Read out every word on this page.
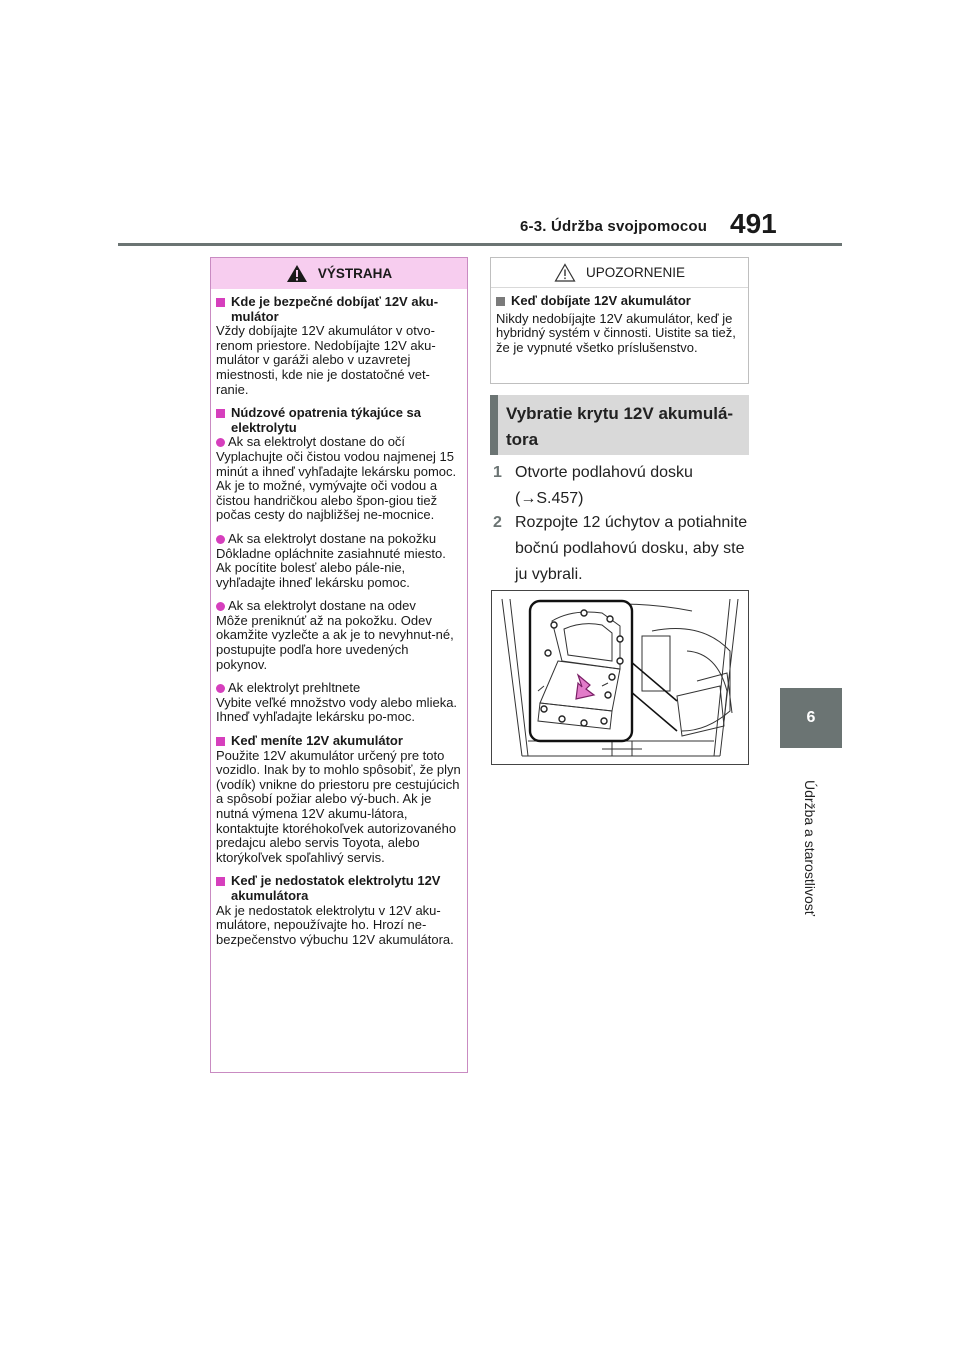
6-3. Údržba svojpomocou 491
6
Údržba a starostlivosť
VÝSTRAHA
Kde je bezpečné dobíjať 12V aku-mulátor

Vždy dobíjajte 12V akumulátor v otvo-renom priestore. Nedobíjajte 12V aku-mulátor v garáži alebo v uzavretej miestnosti, kde nie je dostatočné vet-ranie.

Núdzové opatrenia týkajúce sa elektrolytu
Ak sa elektrolyt dostane do očí

Vyplachujte oči čistou vodou najmenej 15 minút a ihneď vyhľadajte lekársku pomoc. Ak je to možné, vymývajte oči vodou a čistou handričkou alebo špon-giou tiež počas cesty do najbližšej ne-mocnice.

Ak sa elektrolyt dostane na pokožku

Dôkladne opláchnite zasiahnuté miesto. Ak pocítite bolesť alebo pále-nie, vyhľadajte ihneď lekársku pomoc.

Ak sa elektrolyt dostane na odev

Môže preniknúť až na pokožku. Odev okamžite vyzlečte a ak je to nevyhnut-né, postupujte podľa hore uvedených pokynov.

Ak elektrolyt prehltnete

Vybite veľké množstvo vody alebo mlieka. Ihneď vyhľadajte lekársku po-moc.

Keď meníte 12V akumulátor

Použite 12V akumulátor určený pre toto vozidlo. Inak by to mohlo spôsobiť, že plyn (vodík) vnikne do priestoru pre cestujúcich a spôsobí požiar alebo vý-buch. Ak je nutná výmena 12V akumu-látora, kontaktujte ktoréhokoľvek autorizovaného predajcu alebo servis Toyota, alebo ktorýkoľvek spoľahlivý servis.

Keď je nedostatok elektrolytu 12V akumulátora

Ak je nedostatok elektrolytu v 12V aku-mulátore, nepoužívajte ho. Hrozí ne-bezpečenstvo výbuchu 12V akumulátora.

UPOZORNENIE
Keď dobíjate 12V akumulátor

Nikdy nedobíjajte 12V akumulátor, keď je hybridný systém v činnosti. Uistite sa tiež, že je vypnuté všetko príslušenstvo.

Vybratie krytu 12V akumulá-tora
1 Otvorte podlahovú dosku (→S.457)
2 Rozpojte 12 úchytov a potiahnite bočnú podlahovú dosku, aby ste ju vybrali.
